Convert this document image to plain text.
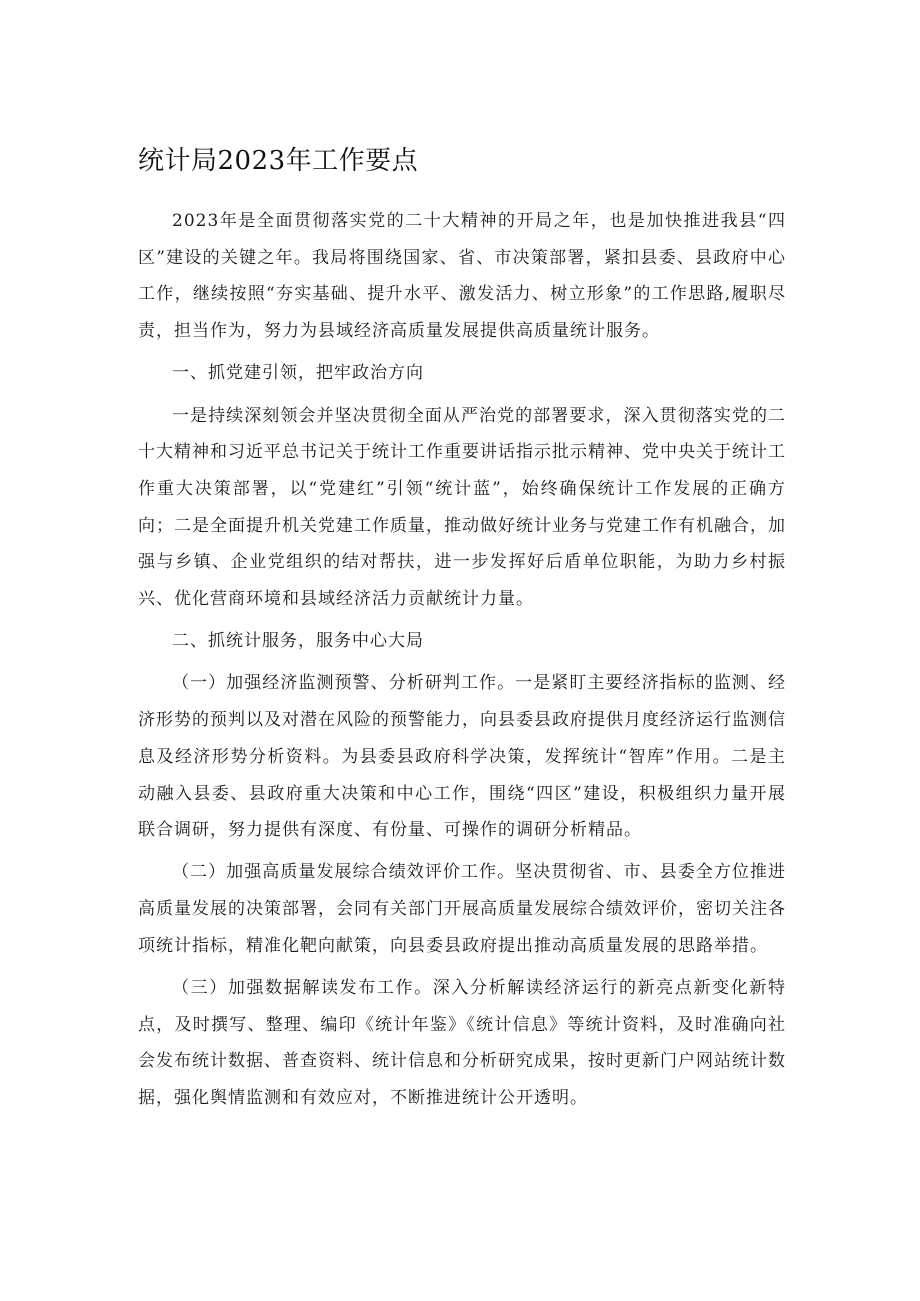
统计局2023年工作要点

2023年是全面贯彻落实党的二十大精神的开局之年，也是加快推进我县“四区”建设的关键之年。我局将围绕国家、省、市决策部署，紧扣县委、县政府中心工作，继续按照“夯实基础、提升水平、激发活力、树立形象”的工作思路,履职尽责，担当作为，努力为县域经济高质量发展提供高质量统计服务。

一、抓党建引领，把牢政治方向

一是持续深刻领会并坚决贯彻全面从严治党的部署要求，深入贯彻落实党的二十大精神和习近平总书记关于统计工作重要讲话指示批示精神、党中央关于统计工作重大决策部署，以“党建红”引领“统计蓝”，始终确保统计工作发展的正确方向；二是全面提升机关党建工作质量，推动做好统计业务与党建工作有机融合，加强与乡镇、企业党组织的结对帮扶，进一步发挥好后盾单位职能，为助力乡村振兴、优化营商环境和县域经济活力贡献统计力量。

二、抓统计服务，服务中心大局

（一）加强经济监测预警、分析研判工作。一是紧盯主要经济指标的监测、经济形势的预判以及对潜在风险的预警能力，向县委县政府提供月度经济运行监测信息及经济形势分析资料。为县委县政府科学决策，发挥统计“智库”作用。二是主动融入县委、县政府重大决策和中心工作，围绕“四区”建设，积极组织力量开展联合调研，努力提供有深度、有份量、可操作的调研分析精品。

（二）加强高质量发展综合绩效评价工作。坚决贯彻省、市、县委全方位推进高质量发展的决策部署，会同有关部门开展高质量发展综合绩效评价，密切关注各项统计指标，精准化靶向献策，向县委县政府提出推动高质量发展的思路举措。

（三）加强数据解读发布工作。深入分析解读经济运行的新亮点新变化新特点，及时撰写、整理、编印《统计年鉴》《统计信息》等统计资料，及时准确向社会发布统计数据、普查资料、统计信息和分析研究成果，按时更新门户网站统计数据，强化舆情监测和有效应对，不断推进统计公开透明。
